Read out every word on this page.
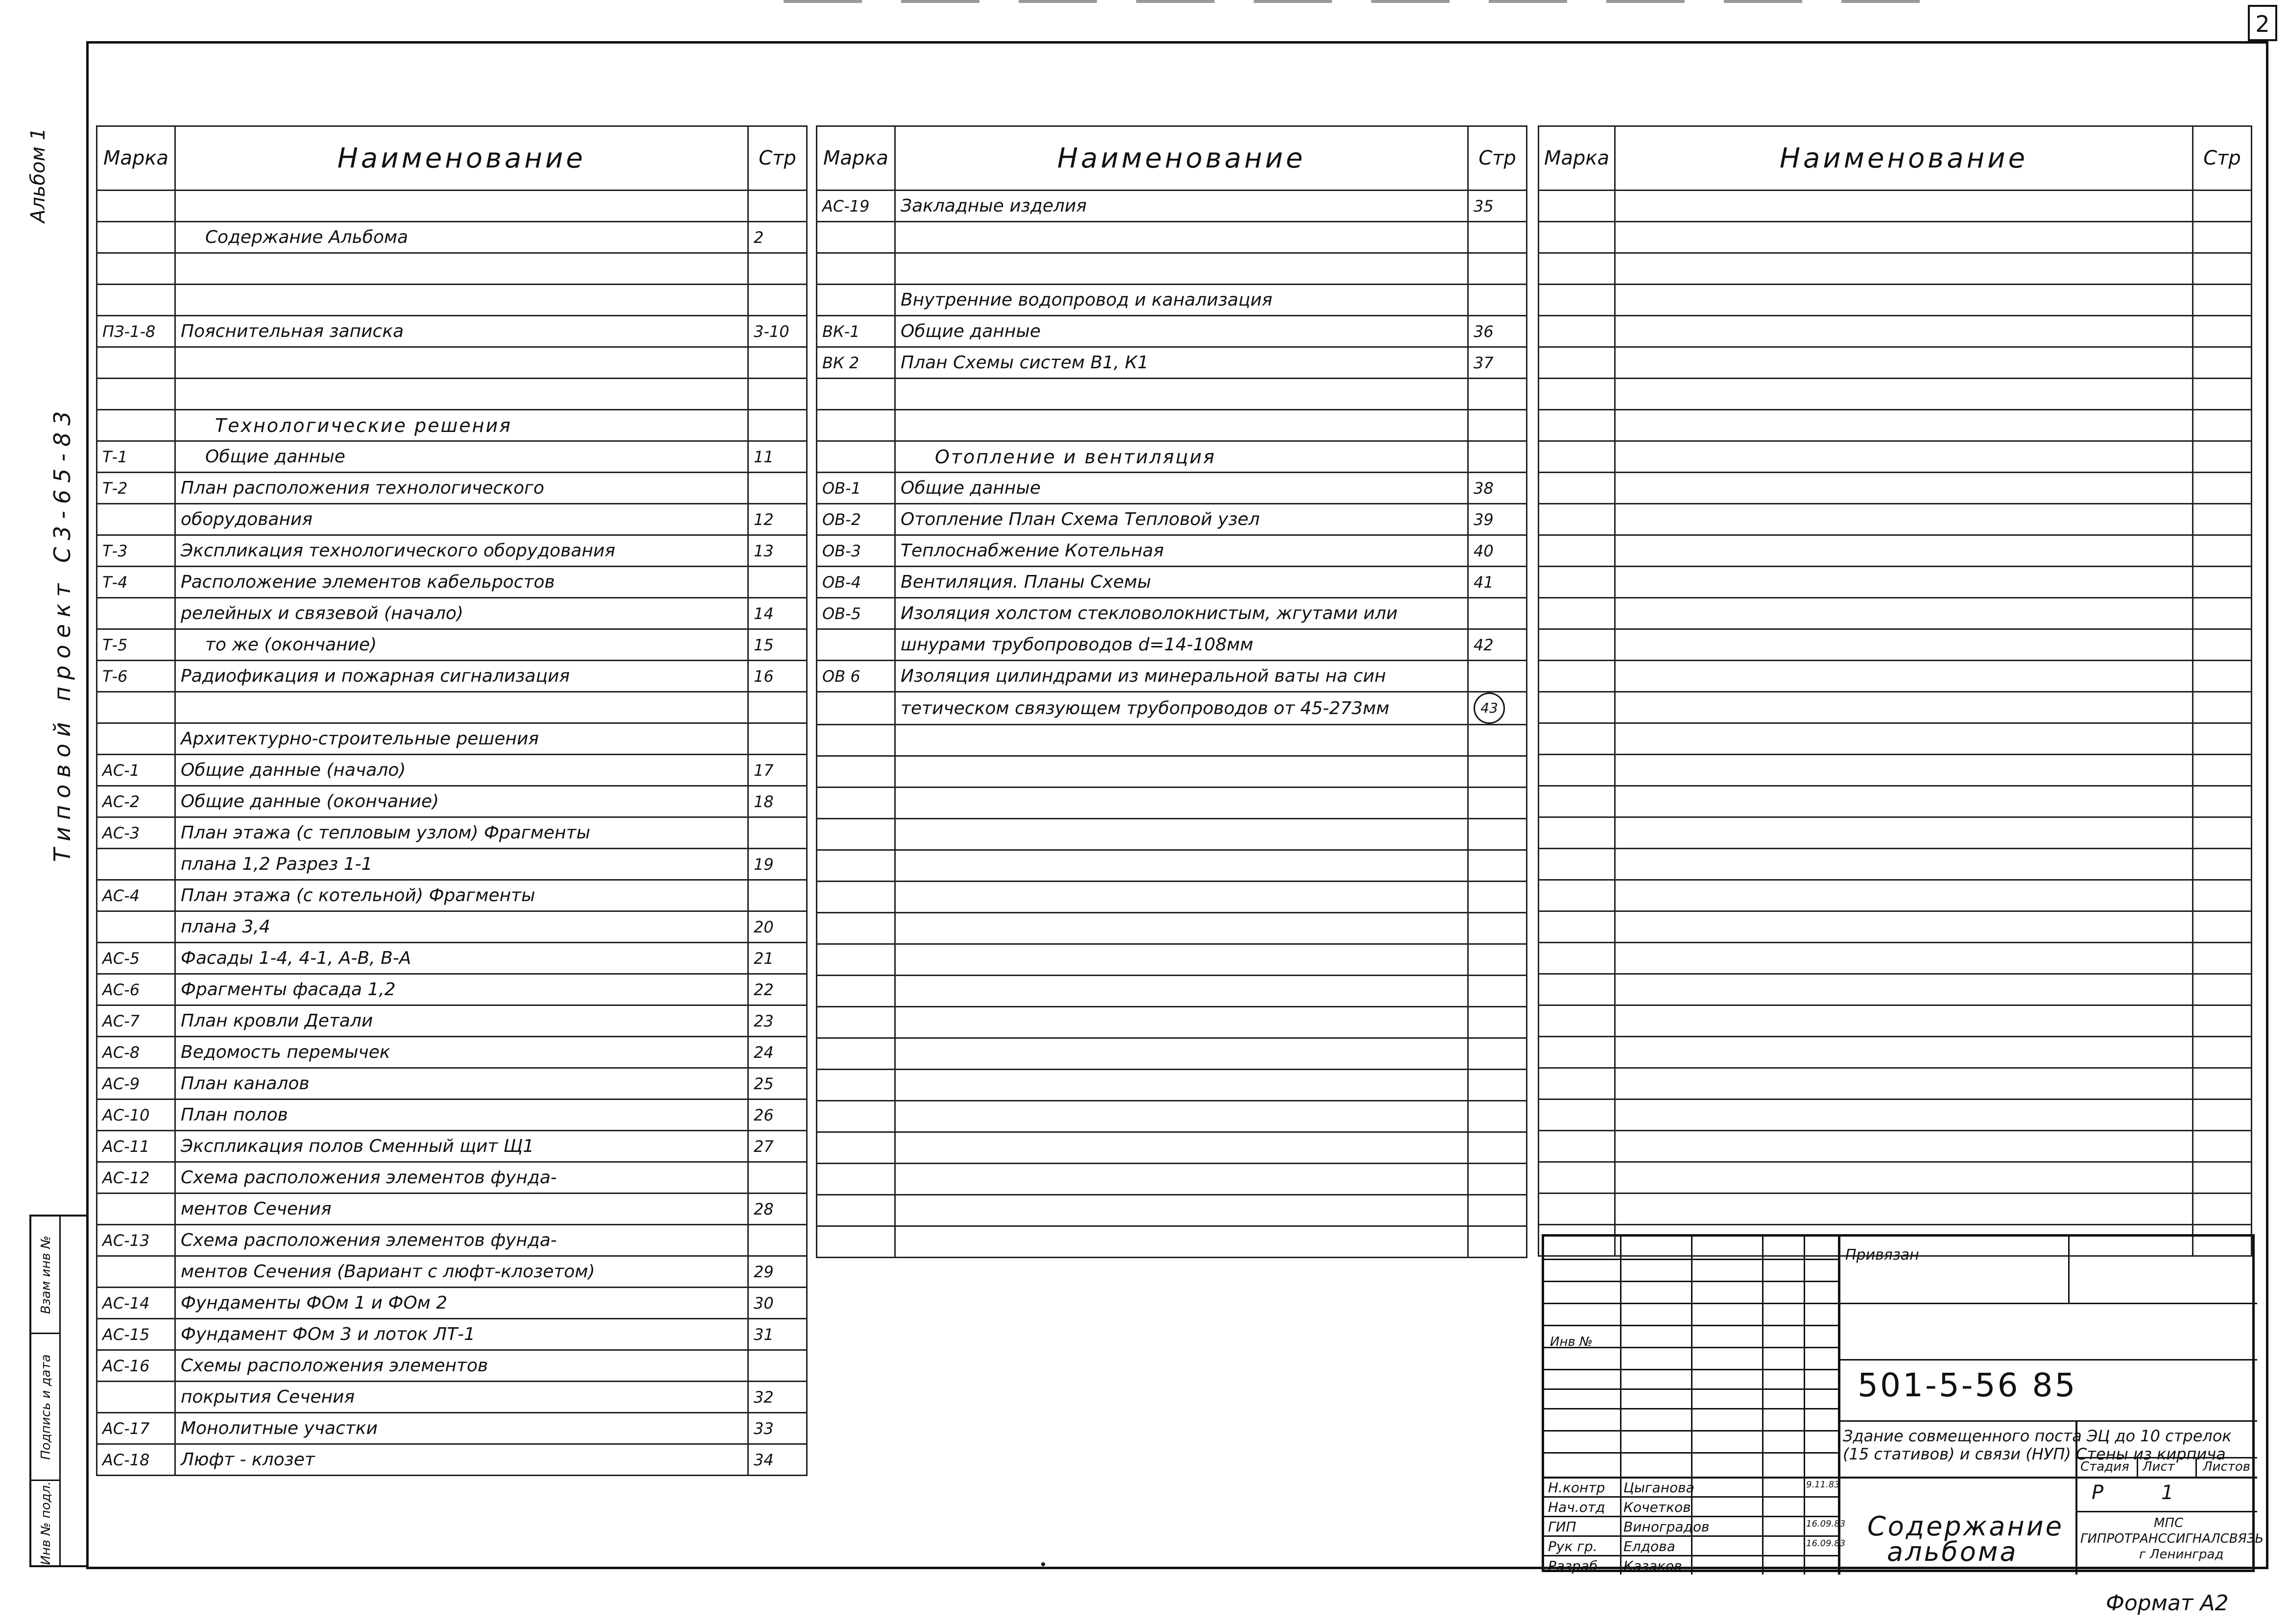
2
Альбом 1
Типовой проект С3-65-83
Взам инв №
Подпись и дата
Инв № подл.
Марка	Наименование	Стр

	Содержание Альбома	2

ПЗ-1-8	Пояснительная записка	3-10

	Технологические решения	
Т-1	Общие данные	11
Т-2	План расположения технологического	
	оборудования	12
Т-3	Экспликация технологического оборудования	13
Т-4	Расположение элементов кабельростов	
	релейных и связевой (начало)	14
Т-5	то же (окончание)	15
Т-6	Радиофикация и пожарная сигнализация	16

	Архитектурно-строительные решения	
АС-1	Общие данные (начало)	17
АС-2	Общие данные (окончание)	18
АС-3	План этажа (с тепловым узлом) Фрагменты	
	плана 1,2 Разрез 1-1	19
АС-4	План этажа (с котельной) Фрагменты	
	плана 3,4	20
АС-5	Фасады 1-4, 4-1, А-В, В-А	21
АС-6	Фрагменты фасада 1,2	22
АС-7	План кровли Детали	23
АС-8	Ведомость перемычек	24
АС-9	План каналов	25
АС-10	План полов	26
АС-11	Экспликация полов Сменный щит Щ1	27
АС-12	Схема расположения элементов фунда-	
	ментов Сечения	28
АС-13	Схема расположения элементов фунда-	
	ментов Сечения (Вариант с люфт-клозетом)	29
АС-14	Фундаменты ФОм 1 и ФОм 2	30
АС-15	Фундамент ФОм 3 и лоток ЛТ-1	31
АС-16	Схемы расположения элементов	
	покрытия Сечения	32
АС-17	Монолитные участки	33
АС-18	Люфт - клозет	34
Марка	Наименование	Стр
АС-19	Закладные изделия	35

	Внутренние водопровод и канализация	
ВК-1	Общие данные	36
ВК 2	План Схемы систем В1, К1	37

	Отопление и вентиляция	
ОВ-1	Общие данные	38
ОВ-2	Отопление План Схема Тепловой узел	39
ОВ-3	Теплоснабжение Котельная	40
ОВ-4	Вентиляция. Планы Схемы	41
ОВ-5	Изоляция холстом стекловолокнистым, жгутами или	
	шнурами трубопроводов d=14-108мм	42
ОВ 6	Изоляция цилиндрами из минеральной ваты на син	
	тетическом связующем трубопроводов от 45-273мм	43

Марка	Наименование	Стр

Инв №
Привязан
501-5-56 85
Здание совмещенного поста ЭЦ до 10 стрелок
(15 стативов) и связи (НУП) Стены из кирпича
Стадия Лист Листов
Р	1
МПС
ГИПРОТРАНССИГНАЛСВЯЗЬ
г Ленинград
Содержание
альбома
Н.контр Цыганова	9.11.83
Нач.отд Кочетков
ГИП	Виноградов	16.09.83
Рук гр. Елдова	16.09.83
Разраб Казаков
Формат А2
